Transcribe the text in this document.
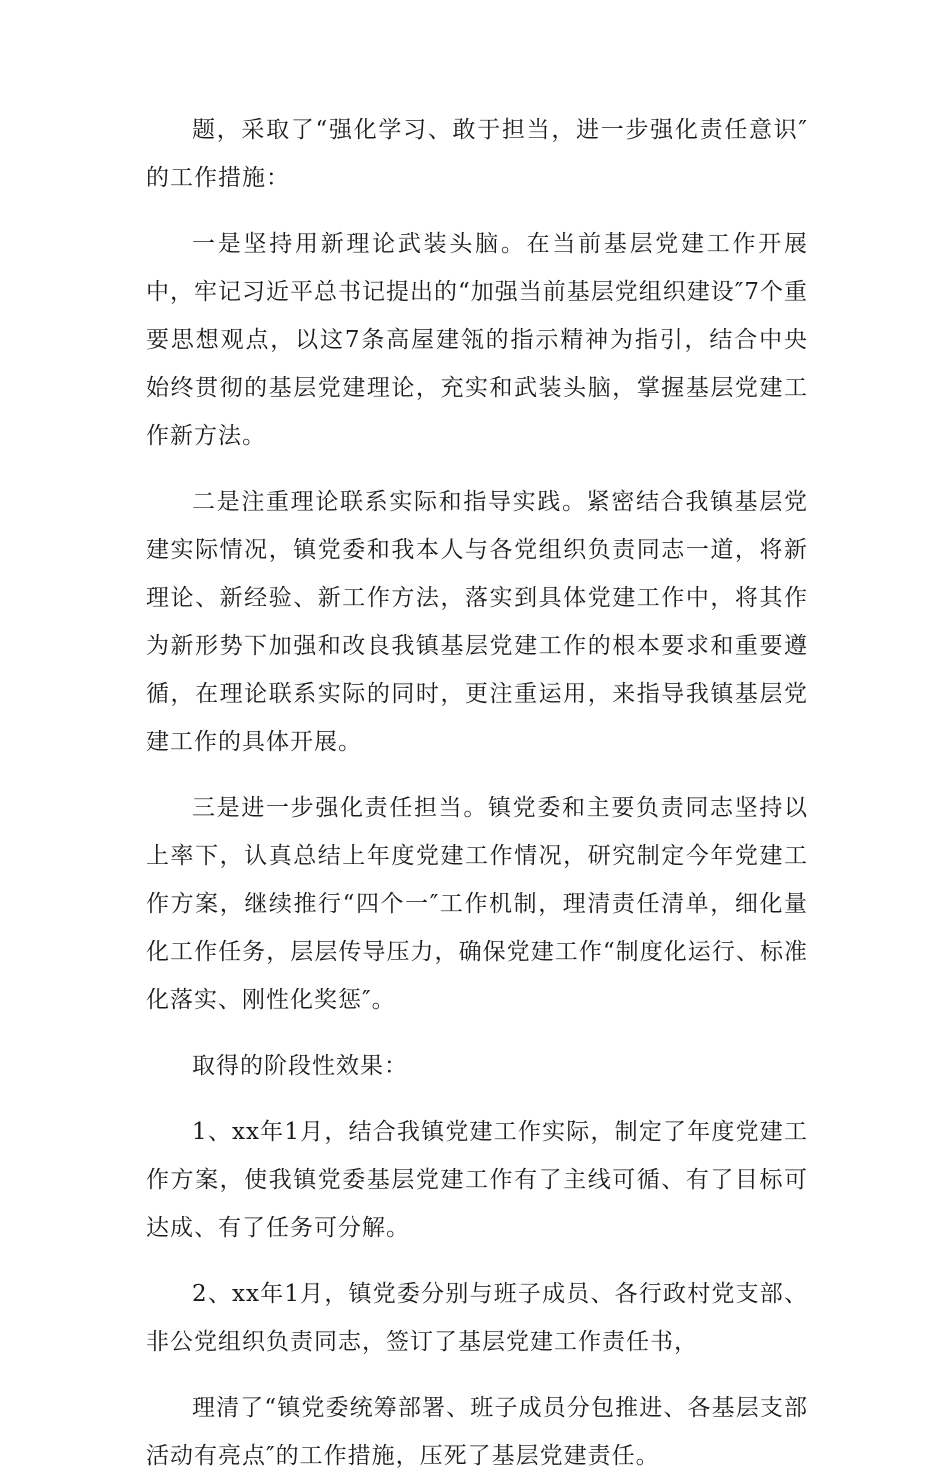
题，采取了“强化学习、敢于担当，进一步强化责任意识″的工作措施：

一是坚持用新理论武装头脑。在当前基层党建工作开展中，牢记习近平总书记提出的“加强当前基层党组织建设″7个重要思想观点，以这7条高屋建瓴的指示精神为指引，结合中央始终贯彻的基层党建理论，充实和武装头脑，掌握基层党建工作新方法。

二是注重理论联系实际和指导实践。紧密结合我镇基层党建实际情况，镇党委和我本人与各党组织负责同志一道，将新理论、新经验、新工作方法，落实到具体党建工作中，将其作为新形势下加强和改良我镇基层党建工作的根本要求和重要遵循，在理论联系实际的同时，更注重运用，来指导我镇基层党建工作的具体开展。

三是进一步强化责任担当。镇党委和主要负责同志坚持以上率下，认真总结上年度党建工作情况，研究制定今年党建工作方案，继续推行“四个一″工作机制，理清责任清单，细化量化工作任务，层层传导压力，确保党建工作“制度化运行、标准化落实、刚性化奖惩″。

取得的阶段性效果：

1、xx年1月，结合我镇党建工作实际，制定了年度党建工作方案，使我镇党委基层党建工作有了主线可循、有了目标可达成、有了任务可分解。

2、xx年1月，镇党委分别与班子成员、各行政村党支部、非公党组织负责同志，签订了基层党建工作责任书，

理清了“镇党委统筹部署、班子成员分包推进、各基层支部活动有亮点″的工作措施，压死了基层党建责任。
